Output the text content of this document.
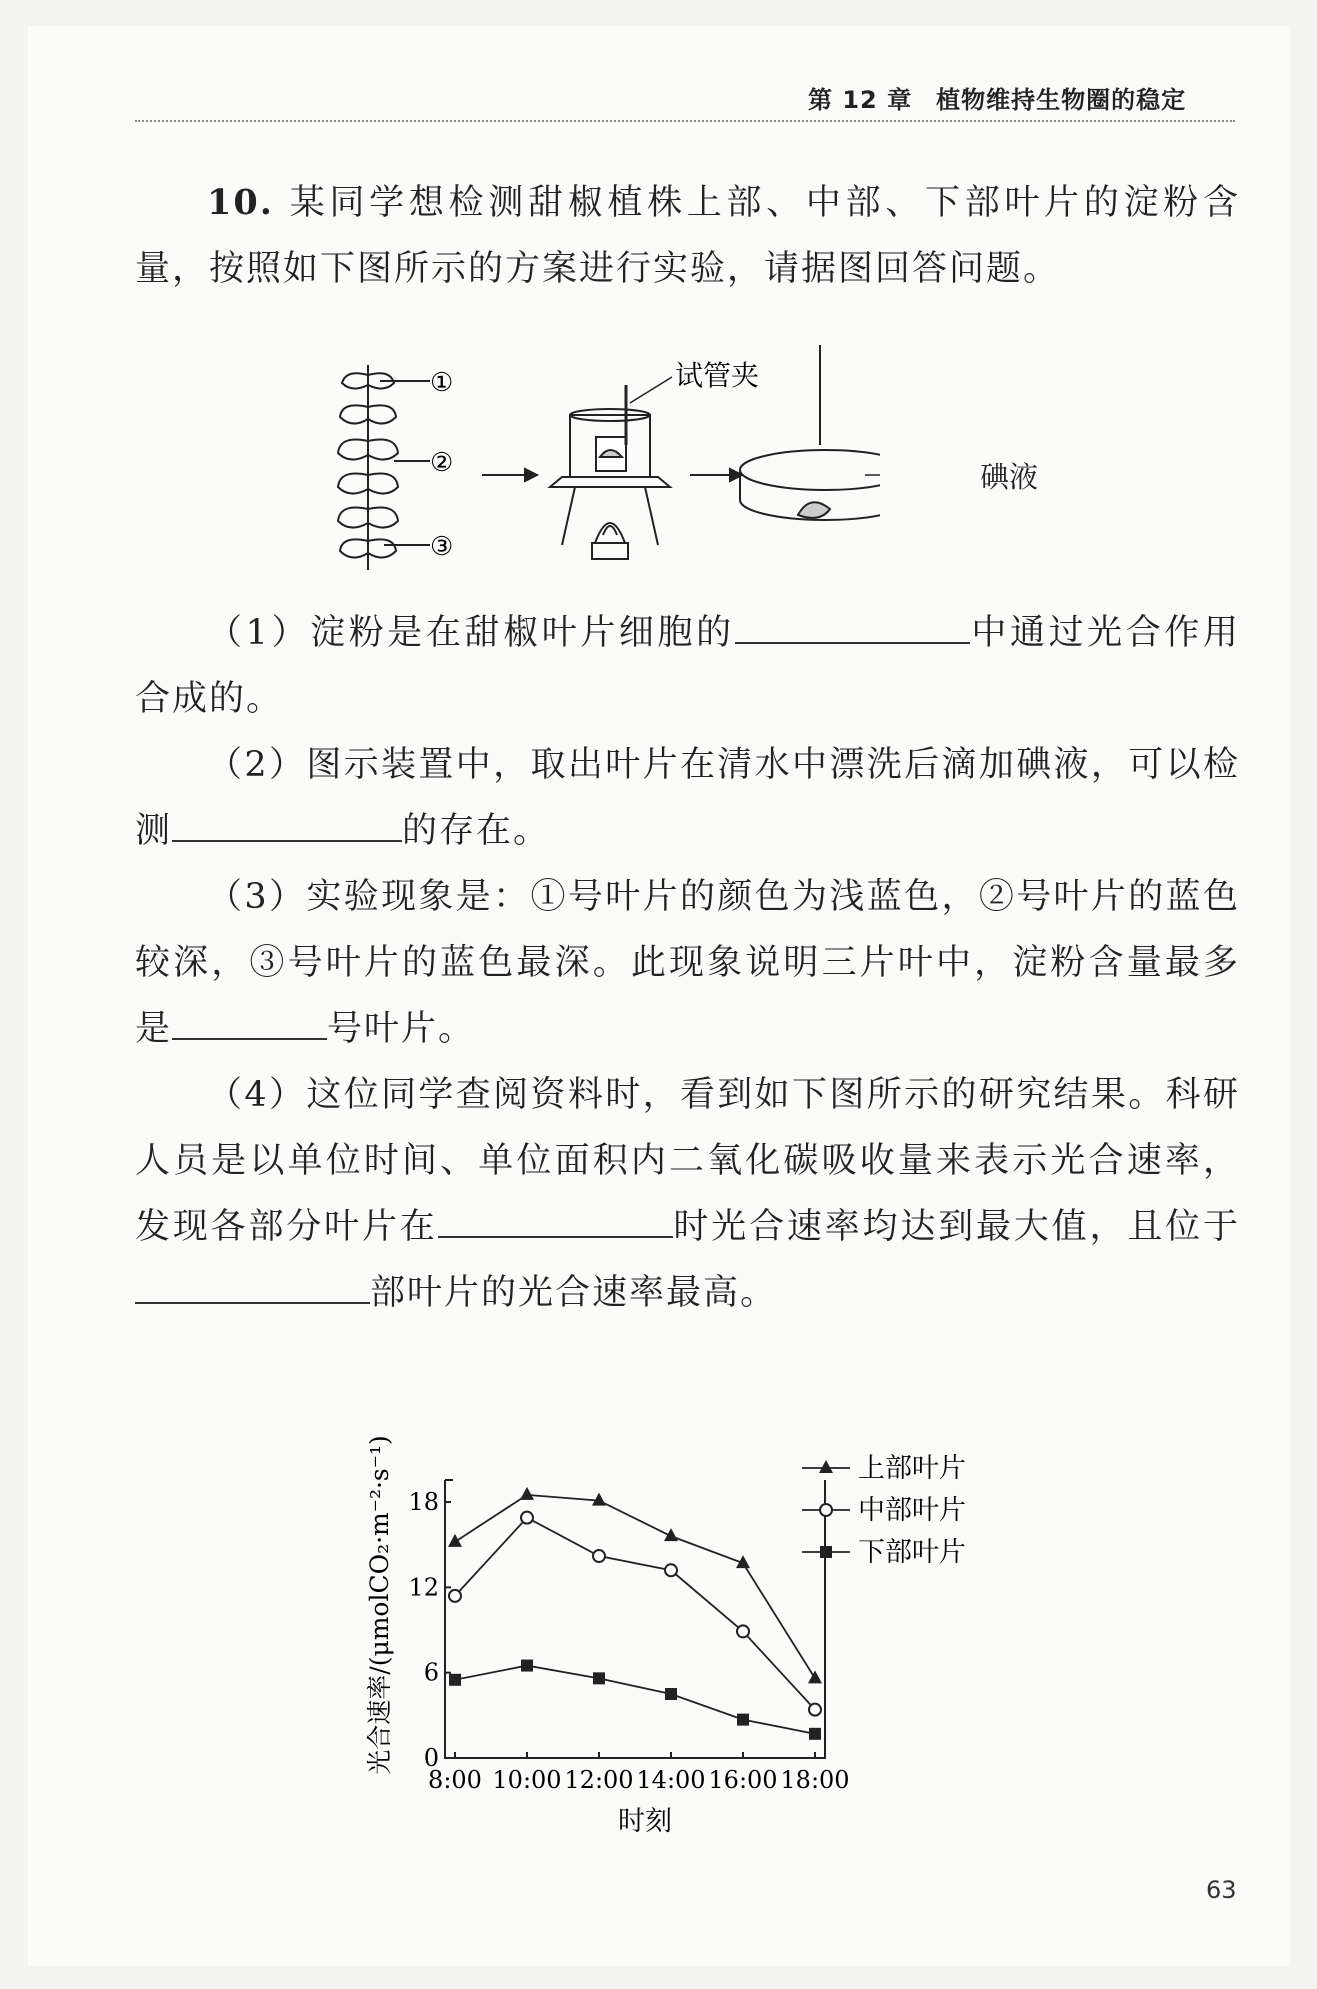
第 12 章 植物维持生物圈的稳定
10. 某同学想检测甜椒植株上部、中部、下部叶片的淀粉含量，按照如下图所示的方案进行实验，请据图回答问题。
①
②
③
试管夹
碘液
（1）淀粉是在甜椒叶片细胞的	中通过光合作用合成的。
（2）图示装置中，取出叶片在清水中漂洗后滴加碘液，可以检测	的存在。
（3）实验现象是：①号叶片的颜色为浅蓝色，②号叶片的蓝色较深，③号叶片的蓝色最深。此现象说明三片叶中，淀粉含量最多是	号叶片。
（4）这位同学查阅资料时，看到如下图所示的研究结果。科研人员是以单位时间、单位面积内二氧化碳吸收量来表示光合速率，发现各部分叶片在	时光合速率均达到最大值，且位于部叶片的光合速率最高。
0
6
12
18
8:00 10:00 12:00 14:00 16:00 18:00
上部叶片
中部叶片
下部叶片
时刻
光合速率/(μmolCO₂·m⁻²·s⁻¹)
63
